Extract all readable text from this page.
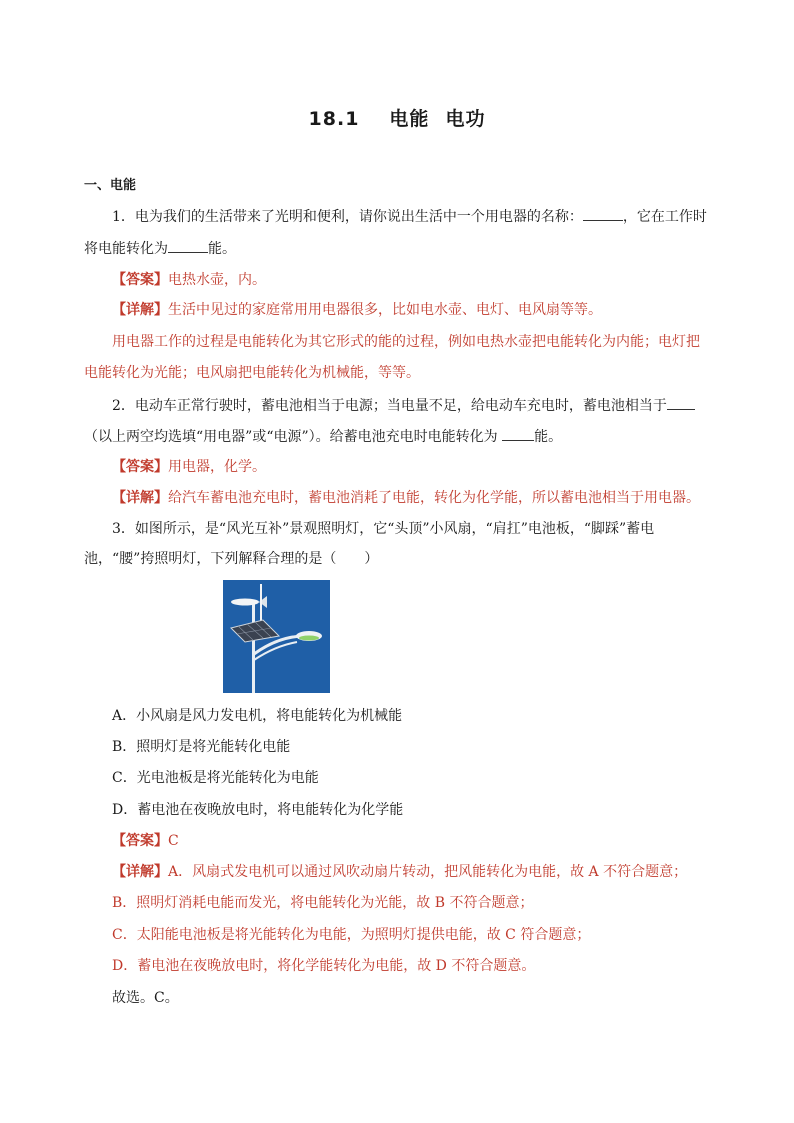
18.1 电能 电功
一、电能
1．电为我们的生活带来了光明和便利，请你说出生活中一个用电器的名称：	，它在工作时
将电能转化为	能。
【答案】电热水壶，内。
【详解】生活中见过的家庭常用用电器很多，比如电水壶、电灯、电风扇等等。
用电器工作的过程是电能转化为其它形式的能的过程，例如电热水壶把电能转化为内能；电灯把
电能转化为光能；电风扇把电能转化为机械能，等等。
2．电动车正常行驶时，蓄电池相当于电源；当电量不足，给电动车充电时，蓄电池相当于
（以上两空均选填“用电器”或“电源”）。给蓄电池充电时电能转化为 能。
【答案】用电器，化学。
【详解】给汽车蓄电池充电时，蓄电池消耗了电能，转化为化学能，所以蓄电池相当于用电器。
3．如图所示，是“风光互补”景观照明灯，它“头顶”小风扇，“肩扛”电池板，“脚踩”蓄电
池，“腰”挎照明灯，下列解释合理的是（　　）
A．小风扇是风力发电机，将电能转化为机械能
B．照明灯是将光能转化电能
C．光电池板是将光能转化为电能
D．蓄电池在夜晚放电时，将电能转化为化学能
【答案】C
【详解】A．风扇式发电机可以通过风吹动扇片转动，把风能转化为电能，故 A 不符合题意；
B．照明灯消耗电能而发光，将电能转化为光能，故 B 不符合题意；
C．太阳能电池板是将光能转化为电能，为照明灯提供电能，故 C 符合题意；
D．蓄电池在夜晚放电时，将化学能转化为电能，故 D 不符合题意。
故选。C。
